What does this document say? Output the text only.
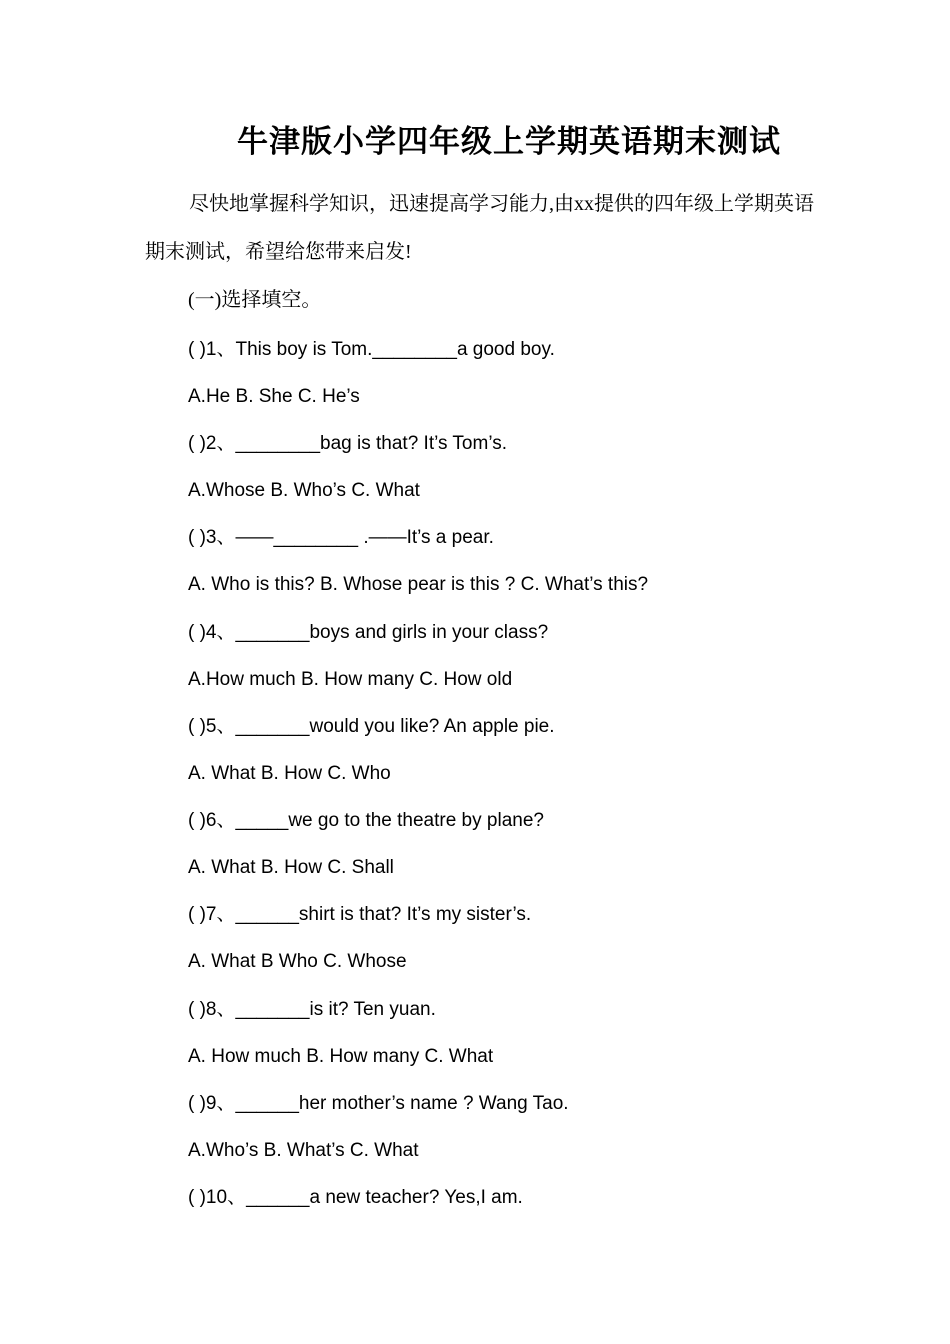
牛津版小学四年级上学期英语期末测试
尽快地掌握科学知识，迅速提高学习能力,由xx提供的四年级上学期英语期末测试，希望给您带来启发!
(一)选择填空。
( )1、This boy is Tom.________a good boy.
A.He B. She C. He’s
( )2、________bag is that? It’s Tom’s.
A.Whose B. Who’s C. What
( )3、——________ .——It’s a pear.
A. Who is this? B. Whose pear is this ? C. What’s this?
( )4、_______boys and girls in your class?
A.How much B. How many C. How old
( )5、_______would you like? An apple pie.
A. What B. How C. Who
( )6、_____we go to the theatre by plane?
A. What B. How C. Shall
( )7、______shirt is that? It’s my sister’s.
A. What B Who C. Whose
( )8、_______is it? Ten yuan.
A. How much B. How many C. What
( )9、______her mother’s name ? Wang Tao.
A.Who’s B. What’s C. What
( )10、______a new teacher? Yes,I am.
